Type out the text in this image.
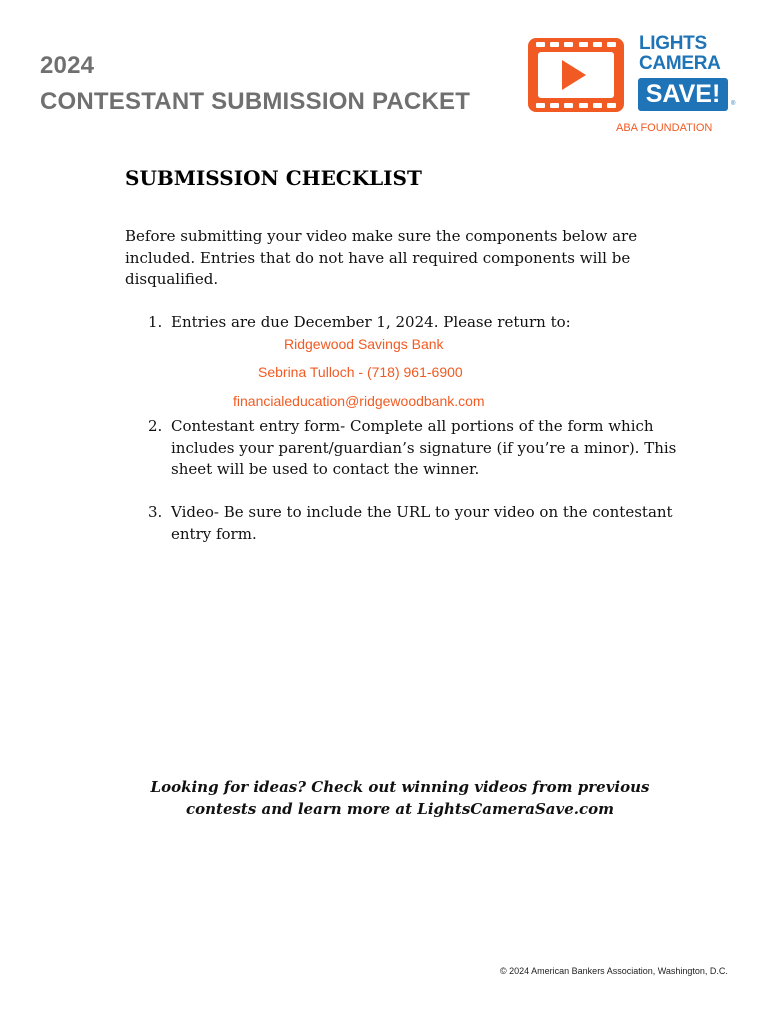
2024
CONTESTANT SUBMISSION PACKET
LIGHTS
CAMERA
SAVE!	®
ABA FOUNDATION
SUBMISSION CHECKLIST
Before submitting your video make sure the components below are
included. Entries that do not have all required components will be
disqualified.
1. Entries are due December 1, 2024. Please return to:
Ridgewood Savings Bank
Sebrina Tulloch - (718) 961-6900
financialeducation@ridgewoodbank.com
2. Contestant entry form- Complete all portions of the form which
includes your parent/guardian’s signature (if you’re a minor). This
sheet will be used to contact the winner.
3. Video- Be sure to include the URL to your video on the contestant
entry form.
Looking for ideas? Check out winning videos from previous
contests and learn more at LightsCameraSave.com
© 2024 American Bankers Association, Washington, D.C.
